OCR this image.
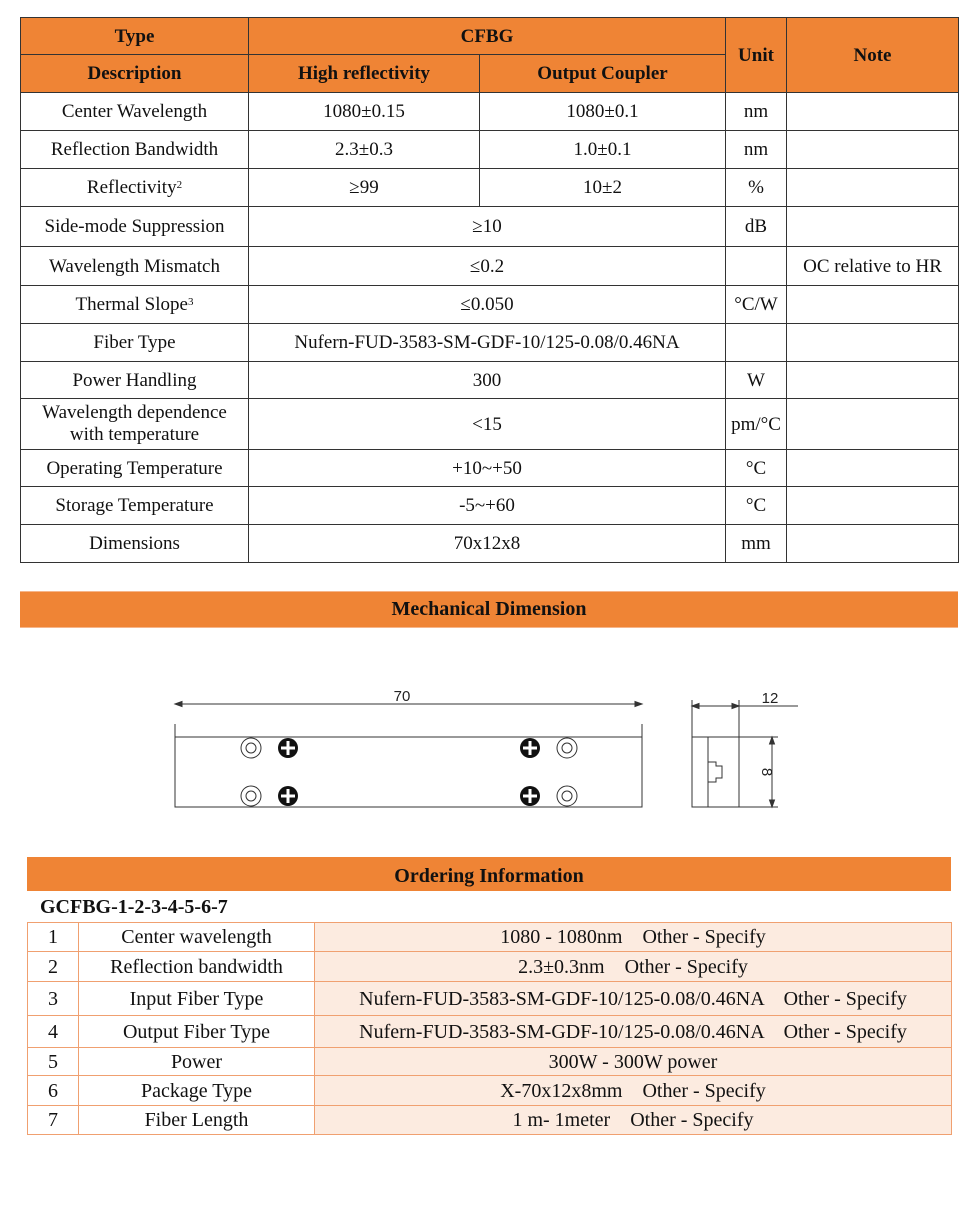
Type	CFBG		Unit	Note
Description	High reflectivity	Output Coupler		
Center Wavelength	1080±0.15	1080±0.1	nm	
Reflection Bandwidth	2.3±0.3	1.0±0.1	nm	
Reflectivity$^2$	≥99	10±2	%	
Side-mode Suppression	≥10		dB	
Wavelength Mismatch	≤0.2			OC relative to HR
Thermal Slope$^3$	≤0.050		°C/W	
Fiber Type	Nufern-FUD-3583-SM-GDF-10/125-0.08/0.46NA			
Power Handling	300		W	
Wavelength dependence
with temperature	<15		pm/°C	
Operating Temperature	+10~+50		°C	
Storage Temperature	-5~+60		°C	
Dimensions	70x12x8		mm	
Mechanical Dimension
70	12
8
Ordering Information
GCFBG-1-2-3-4-5-6-7
1	Center wavelength	1080 - 1080nm    Other - Specify
2	Reflection bandwidth	2.3±0.3nm    Other - Specify
3	Input Fiber Type	Nufern-FUD-3583-SM-GDF-10/125-0.08/0.46NA    Other - Specify
4	Output Fiber Type	Nufern-FUD-3583-SM-GDF-10/125-0.08/0.46NA    Other - Specify
5	Power	300W - 300W power
6	Package Type	X-70x12x8mm    Other - Specify
7	Fiber Length	1 m- 1meter    Other - Specify
